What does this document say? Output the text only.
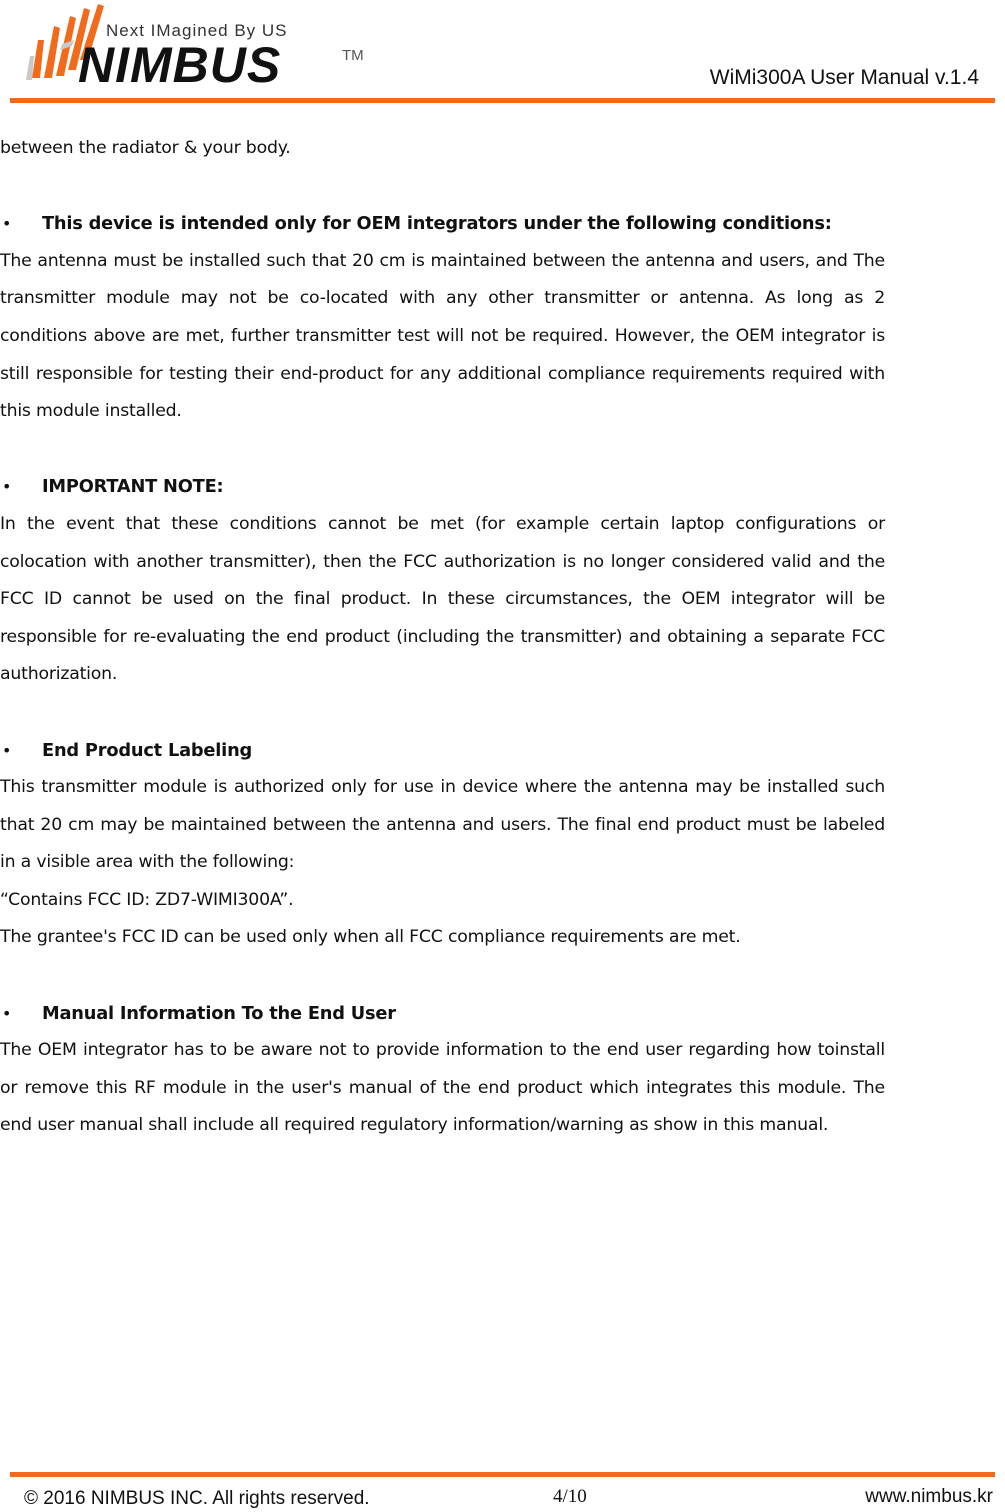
Next IMagined By US
NIMBUS	TM
WiMi300A User Manual v.1.4

between the radiator & your body.

• This device is intended only for OEM integrators under the following conditions:

The antenna must be installed such that 20 cm is maintained between the antenna and users, and The transmitter module may not be co-located with any other transmitter or antenna. As long as 2 conditions above are met, further transmitter test will not be required. However, the OEM integrator is still responsible for testing their end-product for any additional compliance requirements required with this module installed.

• IMPORTANT NOTE:

In the event that these conditions cannot be met (for example certain laptop configurations or colocation with another transmitter), then the FCC authorization is no longer considered valid and the FCC ID cannot be used on the final product. In these circumstances, the OEM integrator will be responsible for re-evaluating the end product (including the transmitter) and obtaining a separate FCC authorization.

• End Product Labeling

This transmitter module is authorized only for use in device where the antenna may be installed such that 20 cm may be maintained between the antenna and users. The final end product must be labeled in a visible area with the following:

“Contains FCC ID: ZD7-WIMI300A”.

The grantee's FCC ID can be used only when all FCC compliance requirements are met.

• Manual Information To the End User

The OEM integrator has to be aware not to provide information to the end user regarding how toinstall or remove this RF module in the user's manual of the end product which integrates this module. The end user manual shall include all required regulatory information/warning as show in this manual.

© 2016 NIMBUS INC. All rights reserved.	4/10	www.nimbus.kr
